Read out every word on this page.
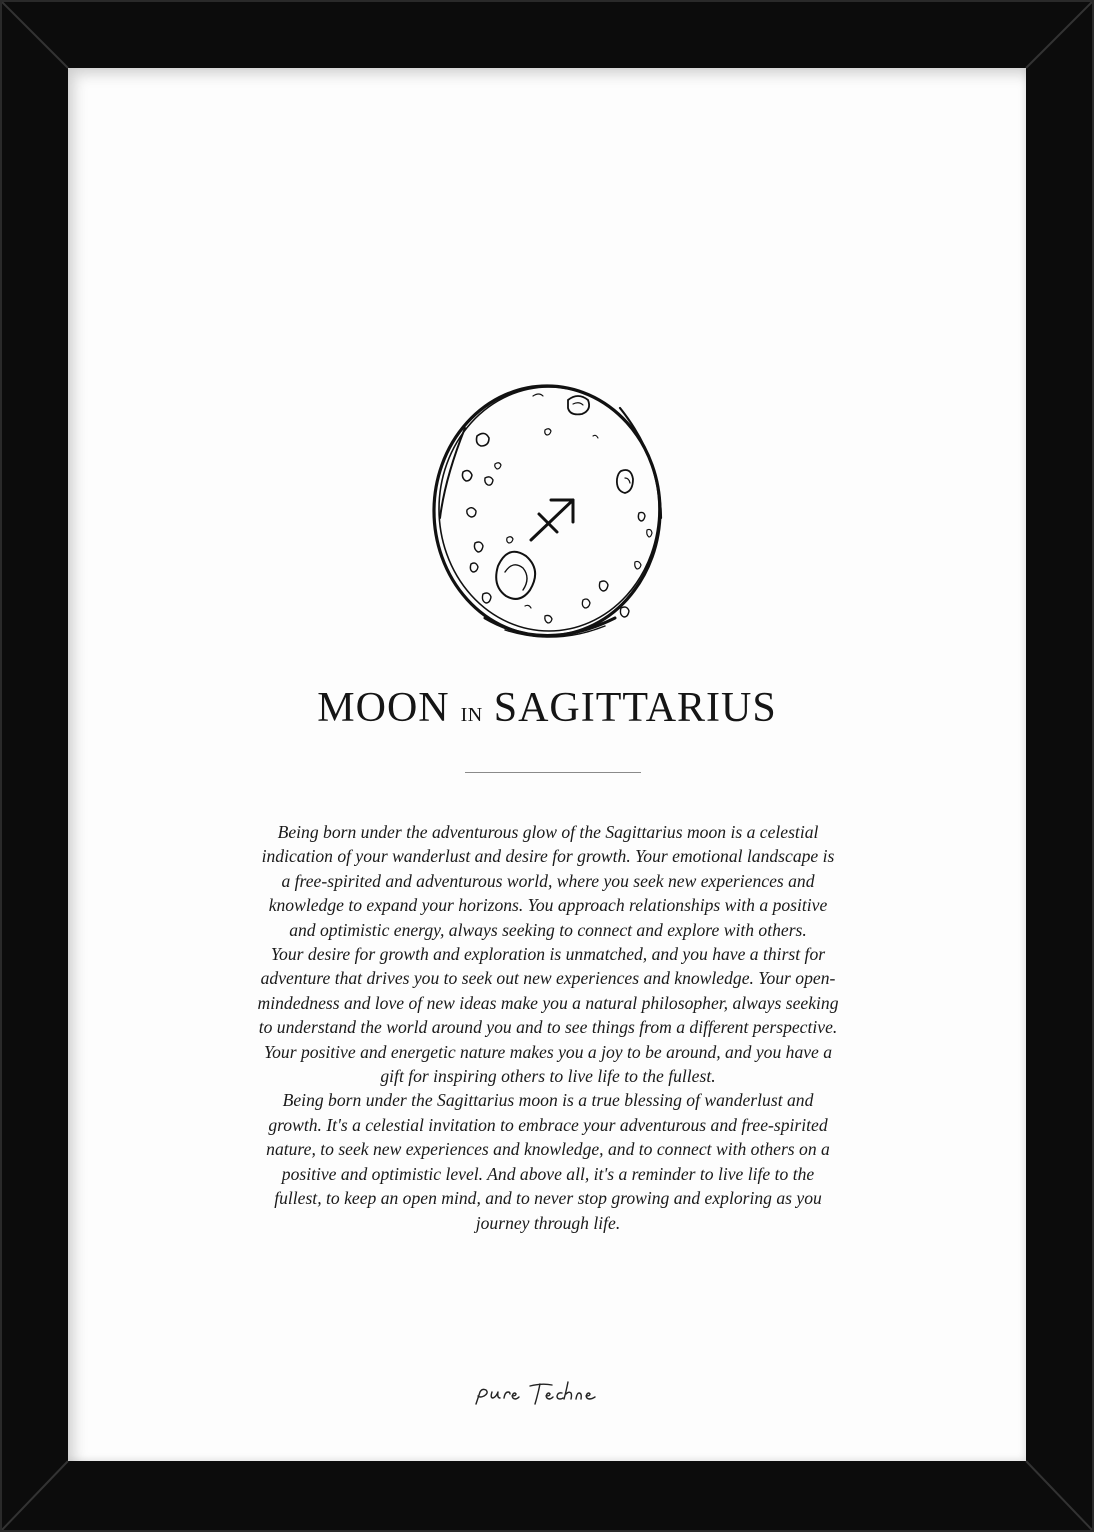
MOON IN SAGITTARIUS
Being born under the adventurous glow of the Sagittarius moon is a celestial
indication of your wanderlust and desire for growth. Your emotional landscape is
a free-spirited and adventurous world, where you seek new experiences and
knowledge to expand your horizons. You approach relationships with a positive
and optimistic energy, always seeking to connect and explore with others.
Your desire for growth and exploration is unmatched, and you have a thirst for
adventure that drives you to seek out new experiences and knowledge. Your open-
mindedness and love of new ideas make you a natural philosopher, always seeking
to understand the world around you and to see things from a different perspective.
Your positive and energetic nature makes you a joy to be around, and you have a
gift for inspiring others to live life to the fullest.
Being born under the Sagittarius moon is a true blessing of wanderlust and
growth. It's a celestial invitation to embrace your adventurous and free-spirited
nature, to seek new experiences and knowledge, and to connect with others on a
positive and optimistic level. And above all, it's a reminder to live life to the
fullest, to keep an open mind, and to never stop growing and exploring as you
journey through life.
